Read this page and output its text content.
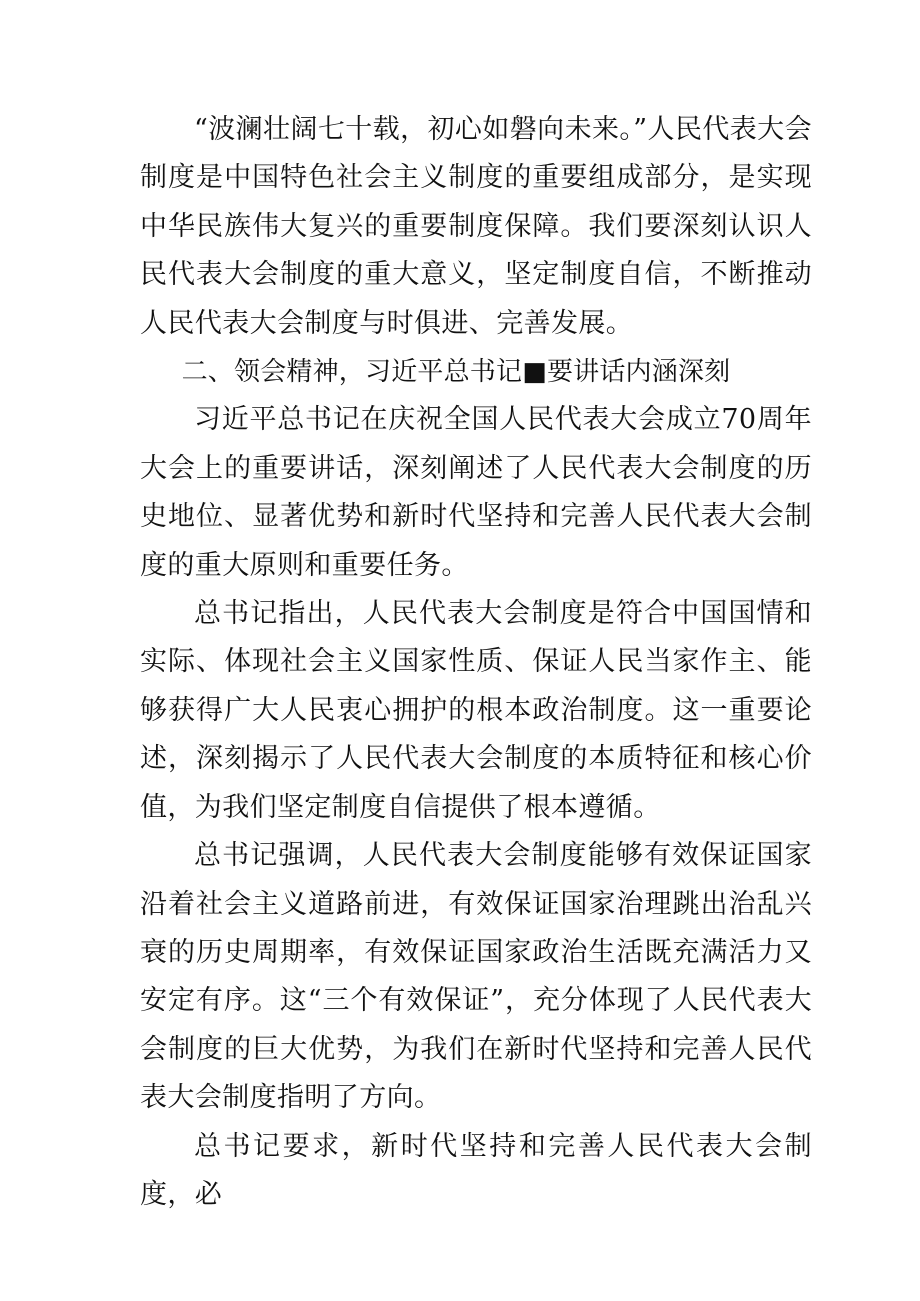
“波澜壮阔七十载，初心如磐向未来。”人民代表大会制度是中国特色社会主义制度的重要组成部分，是实现中华民族伟大复兴的重要制度保障。我们要深刻认识人民代表大会制度的重大意义，坚定制度自信，不断推动人民代表大会制度与时俱进、完善发展。

二、领会精神，习近平总书记■要讲话内涵深刻

习近平总书记在庆祝全国人民代表大会成立70周年大会上的重要讲话，深刻阐述了人民代表大会制度的历史地位、显著优势和新时代坚持和完善人民代表大会制度的重大原则和重要任务。

总书记指出，人民代表大会制度是符合中国国情和实际、体现社会主义国家性质、保证人民当家作主、能够获得广大人民衷心拥护的根本政治制度。这一重要论述，深刻揭示了人民代表大会制度的本质特征和核心价值，为我们坚定制度自信提供了根本遵循。

总书记强调，人民代表大会制度能够有效保证国家沿着社会主义道路前进，有效保证国家治理跳出治乱兴衰的历史周期率，有效保证国家政治生活既充满活力又安定有序。这“三个有效保证”，充分体现了人民代表大会制度的巨大优势，为我们在新时代坚持和完善人民代表大会制度指明了方向。

总书记要求，新时代坚持和完善人民代表大会制度，必
